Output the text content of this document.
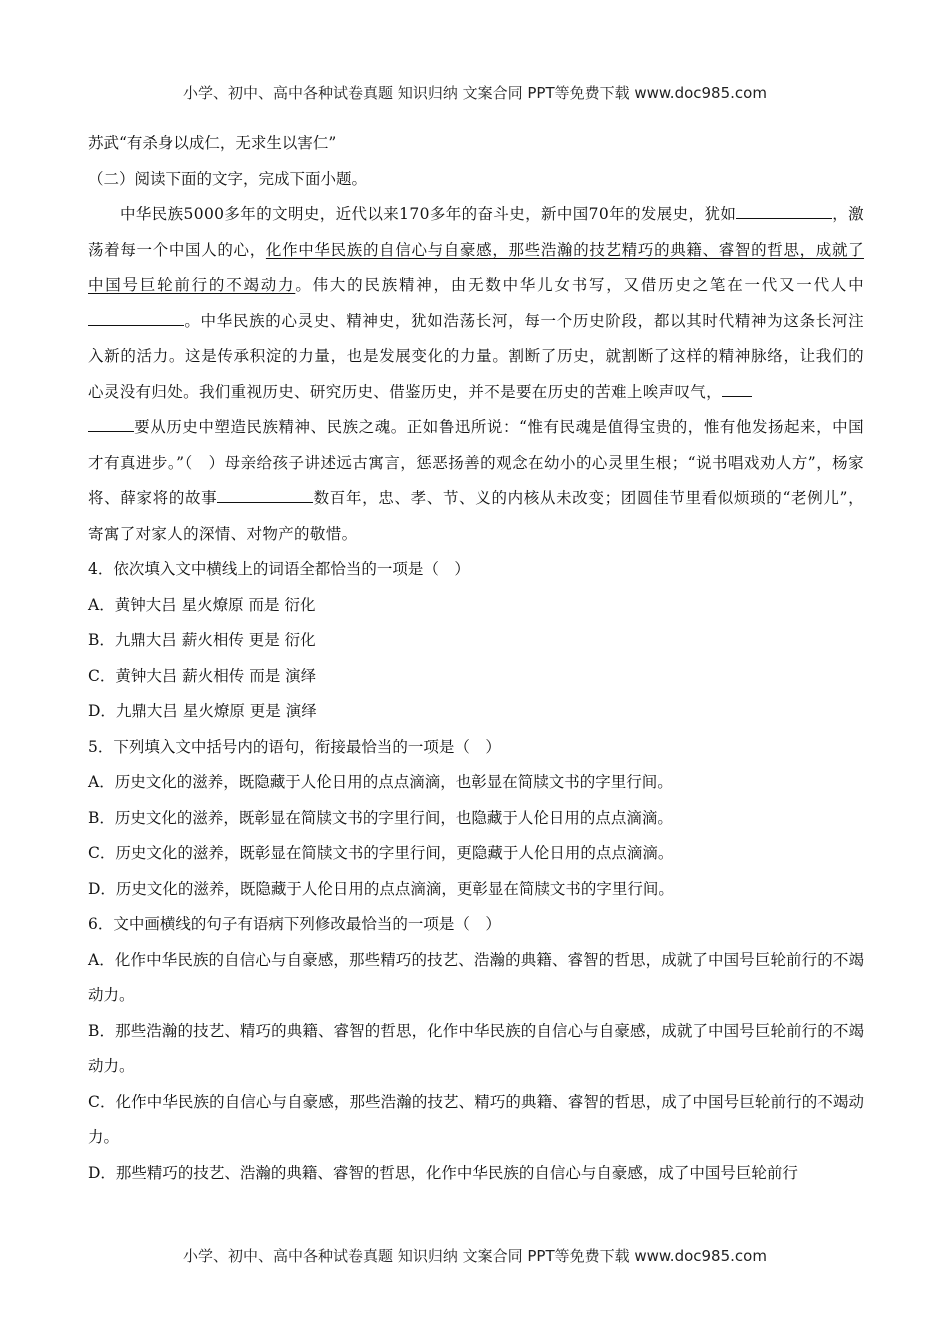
小学、初中、高中各种试卷真题 知识归纳 文案合同 PPT等免费下载 www.doc985.com
苏武“有杀身以成仁，无求生以害仁”
（二）阅读下面的文字，完成下面小题。
中华民族5000多年的文明史，近代以来170多年的奋斗史，新中国70年的发展史，犹如	，激荡着每一个中国人的心，化作中华民族的自信心与自豪感，那些浩瀚的技艺精巧的典籍、睿智的哲思，成就了中国号巨轮前行的不竭动力。伟大的民族精神，由无数中华儿女书写，又借历史之笔在一代又一代人中。中华民族的心灵史、精神史，犹如浩荡长河，每一个历史阶段，都以其时代精神为这条长河注入新的活力。这是传承积淀的力量，也是发展变化的力量。割断了历史，就割断了这样的精神脉络，让我们的心灵没有归处。我们重视历史、研究历史、借鉴历史，并不是要在历史的苦难上唉声叹气，
要从历史中塑造民族精神、民族之魂。正如鲁迅所说：“惟有民魂是值得宝贵的，惟有他发扬起来，中国才有真进步。”（　）母亲给孩子讲述远古寓言，惩恶扬善的观念在幼小的心灵里生根；“说书唱戏劝人方”，杨家将、薛家将的故事	数百年，忠、孝、节、义的内核从未改变；团圆佳节里看似烦琐的“老例儿”，寄寓了对家人的深情、对物产的敬惜。
4．依次填入文中横线上的词语全都恰当的一项是（　）
A．黄钟大吕 星火燎原 而是 衍化
B．九鼎大吕 薪火相传 更是 衍化
C．黄钟大吕 薪火相传 而是 演绎
D．九鼎大吕 星火燎原 更是 演绎
5．下列填入文中括号内的语句，衔接最恰当的一项是（　）
A．历史文化的滋养，既隐藏于人伦日用的点点滴滴，也彰显在简牍文书的字里行间。
B．历史文化的滋养，既彰显在简牍文书的字里行间，也隐藏于人伦日用的点点滴滴。
C．历史文化的滋养，既彰显在简牍文书的字里行间，更隐藏于人伦日用的点点滴滴。
D．历史文化的滋养，既隐藏于人伦日用的点点滴滴，更彰显在简牍文书的字里行间。
6．文中画横线的句子有语病下列修改最恰当的一项是（　）
A．化作中华民族的自信心与自豪感，那些精巧的技艺、浩瀚的典籍、睿智的哲思，成就了中国号巨轮前行的不竭动力。
B．那些浩瀚的技艺、精巧的典籍、睿智的哲思，化作中华民族的自信心与自豪感，成就了中国号巨轮前行的不竭动力。
C．化作中华民族的自信心与自豪感，那些浩瀚的技艺、精巧的典籍、睿智的哲思，成了中国号巨轮前行的不竭动力。
D．那些精巧的技艺、浩瀚的典籍、睿智的哲思，化作中华民族的自信心与自豪感，成了中国号巨轮前行
小学、初中、高中各种试卷真题 知识归纳 文案合同 PPT等免费下载 www.doc985.com
